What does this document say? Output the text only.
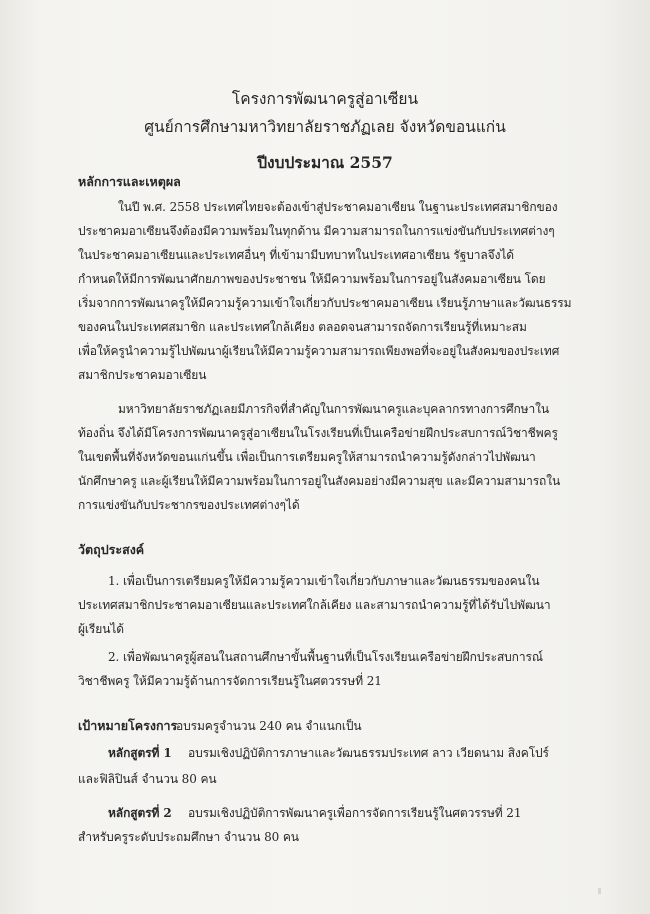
โครงการพัฒนาครูสู่อาเซียน
ศูนย์การศึกษามหาวิทยาลัยราชภัฏเลย จังหวัดขอนแก่น
ปีงบประมาณ 2557
หลักการและเหตุผล
ในปี พ.ศ. 2558 ประเทศไทยจะต้องเข้าสู่ประชาคมอาเซียน ในฐานะประเทศสมาชิกของ
ประชาคมอาเซียนจึงต้องมีความพร้อมในทุกด้าน มีความสามารถในการแข่งขันกับประเทศต่างๆ
ในประชาคมอาเซียนและประเทศอื่นๆ ที่เข้ามามีบทบาทในประเทศอาเซียน รัฐบาลจึงได้
กำหนดให้มีการพัฒนาศักยภาพของประชาชน ให้มีความพร้อมในการอยู่ในสังคมอาเซียน โดย
เริ่มจากการพัฒนาครูให้มีความรู้ความเข้าใจเกี่ยวกับประชาคมอาเซียน เรียนรู้ภาษาและวัฒนธรรม
ของคนในประเทศสมาชิก และประเทศใกล้เคียง ตลอดจนสามารถจัดการเรียนรู้ที่เหมาะสม
เพื่อให้ครูนำความรู้ไปพัฒนาผู้เรียนให้มีความรู้ความสามารถเพียงพอที่จะอยู่ในสังคมของประเทศ
สมาชิกประชาคมอาเซียน
มหาวิทยาลัยราชภัฏเลยมีภารกิจที่สำคัญในการพัฒนาครูและบุคลากรทางการศึกษาใน
ท้องถิ่น จึงได้มีโครงการพัฒนาครูสู่อาเซียนในโรงเรียนที่เป็นเครือข่ายฝึกประสบการณ์วิชาชีพครู
ในเขตพื้นที่จังหวัดขอนแก่นขึ้น เพื่อเป็นการเตรียมครูให้สามารถนำความรู้ดังกล่าวไปพัฒนา
นักศึกษาครู และผู้เรียนให้มีความพร้อมในการอยู่ในสังคมอย่างมีความสุข และมีความสามารถใน
การแข่งขันกับประชากรของประเทศต่างๆได้
วัตถุประสงค์
1. เพื่อเป็นการเตรียมครูให้มีความรู้ความเข้าใจเกี่ยวกับภาษาและวัฒนธรรมของคนใน
ประเทศสมาชิกประชาคมอาเซียนและประเทศใกล้เคียง และสามารถนำความรู้ที่ได้รับไปพัฒนา
ผู้เรียนได้
2. เพื่อพัฒนาครูผู้สอนในสถานศึกษาขั้นพื้นฐานที่เป็นโรงเรียนเครือข่ายฝึกประสบการณ์
วิชาชีพครู ให้มีความรู้ด้านการจัดการเรียนรู้ในศตวรรษที่ 21
เป้าหมายโครงการ
อบรมครูจำนวน 240 คน จำแนกเป็น
หลักสูตรที่ 1 อบรมเชิงปฏิบัติการภาษาและวัฒนธรรมประเทศ ลาว เวียดนาม สิงคโปร์
และฟิลิปินส์ จำนวน 80 คน
หลักสูตรที่ 2 อบรมเชิงปฏิบัติการพัฒนาครูเพื่อการจัดการเรียนรู้ในศตวรรษที่ 21
สำหรับครูระดับประถมศึกษา จำนวน 80 คน
